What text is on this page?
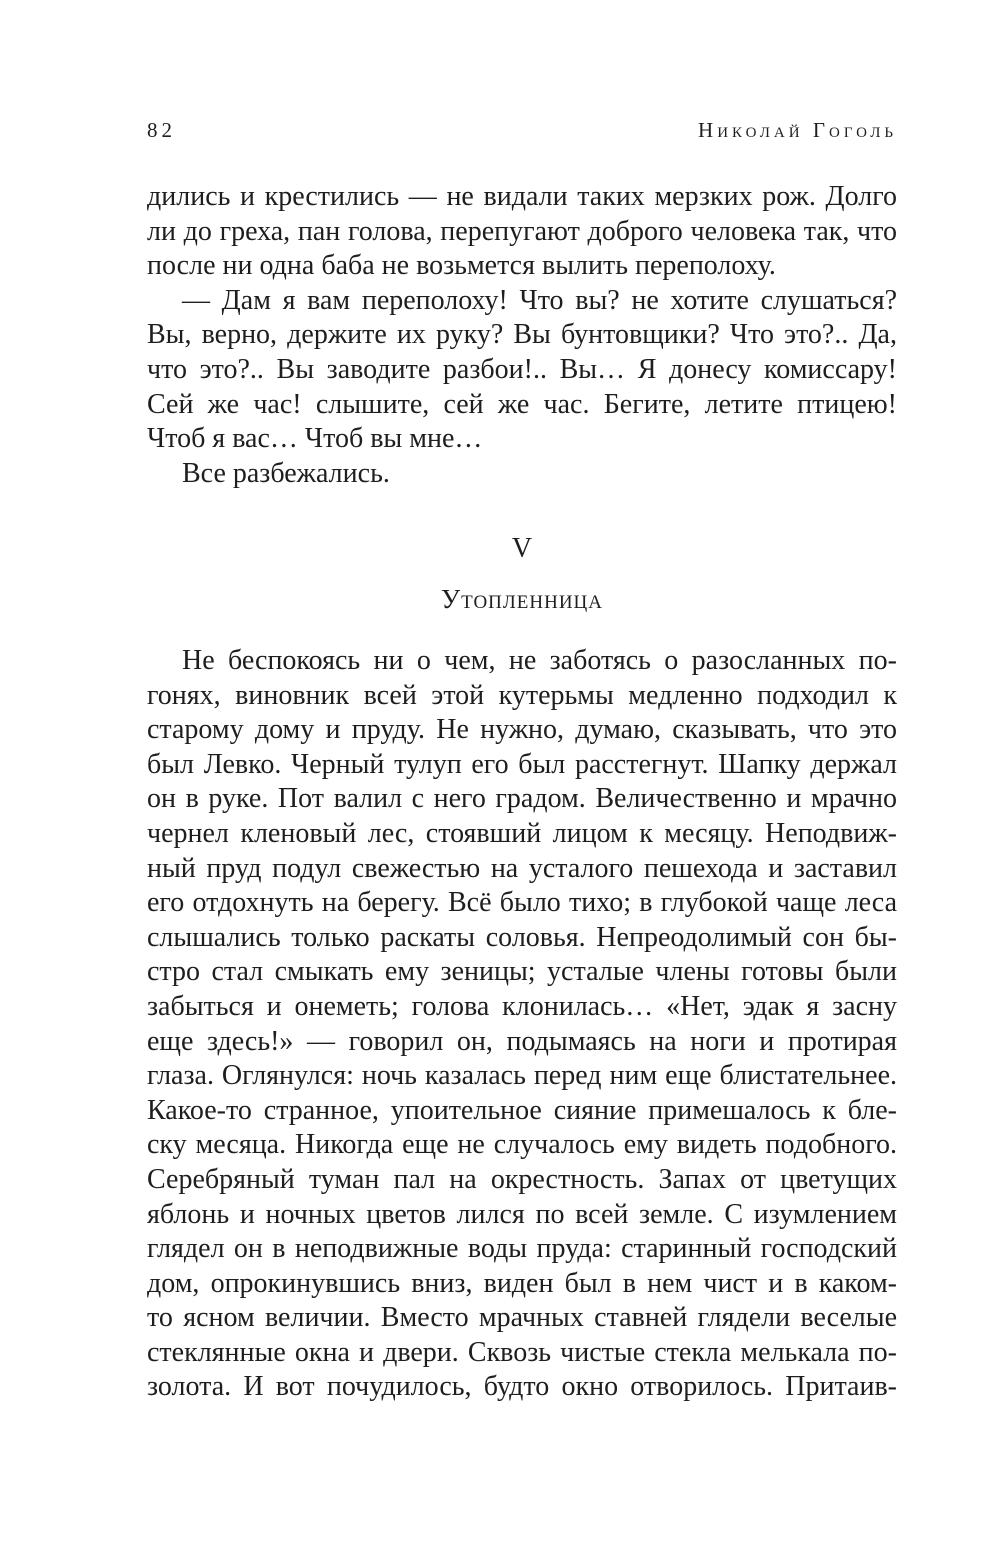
82	Николай Гоголь
дились и крестились — не видали таких мерзких рож. Долго
ли до греха, пан голова, перепугают доброго человека так, что
после ни одна баба не возьмется вылить переполоху.
— Дам я вам переполоху! Что вы? не хотите слушаться?
Вы, верно, держите их руку? Вы бунтовщики? Что это?.. Да,
что это?.. Вы заводите разбои!.. Вы… Я донесу комиссару!
Сей же час! слышите, сей же час. Бегите, летите птицею!
Чтоб я вас… Чтоб вы мне…
Все разбежались.
V
Утопленница
Не беспокоясь ни о чем, не заботясь о разосланных по-
гонях, виновник всей этой кутерьмы медленно подходил к
старому дому и пруду. Не нужно, думаю, сказывать, что это
был Левко. Черный тулуп его был расстегнут. Шапку держал
он в руке. Пот валил с него градом. Величественно и мрачно
чернел кленовый лес, стоявший лицом к месяцу. Неподвиж-
ный пруд подул свежестью на усталого пешехода и заставил
его отдохнуть на берегу. Всё было тихо; в глубокой чаще леса
слышались только раскаты соловья. Непреодолимый сон бы-
стро стал смыкать ему зеницы; усталые члены готовы были
забыться и онеметь; голова клонилась… «Нет, эдак я засну
еще здесь!» — говорил он, подымаясь на ноги и протирая
глаза. Оглянулся: ночь казалась перед ним еще блистательнее.
Какое-то странное, упоительное сияние примешалось к бле-
ску месяца. Никогда еще не случалось ему видеть подобного.
Серебряный туман пал на окрестность. Запах от цветущих
яблонь и ночных цветов лился по всей земле. С изумлением
глядел он в неподвижные воды пруда: старинный господский
дом, опрокинувшись вниз, виден был в нем чист и в каком-
то ясном величии. Вместо мрачных ставней глядели веселые
стеклянные окна и двери. Сквозь чистые стекла мелькала по-
золота. И вот почудилось, будто окно отворилось. Притаив-
